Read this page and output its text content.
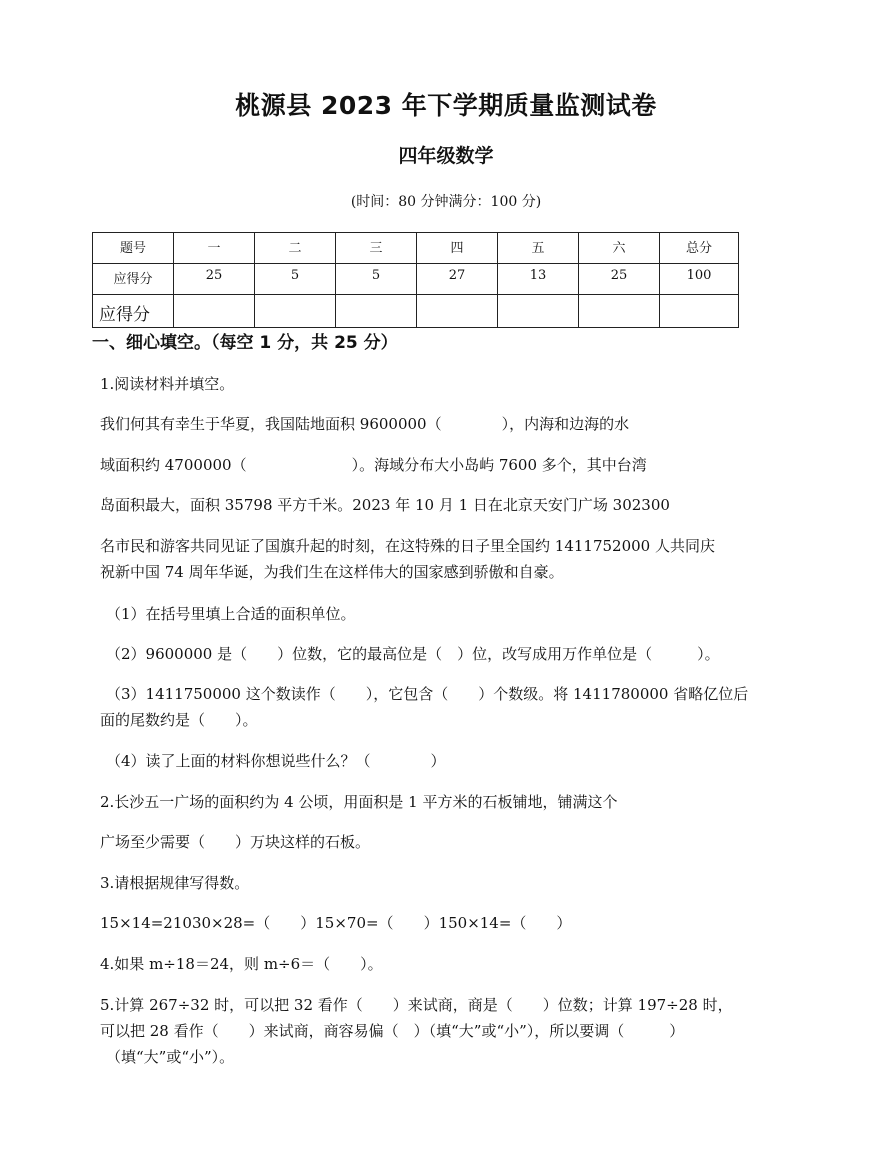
桃源县 2023 年下学期质量监测试卷
四年级数学
(时间：80 分钟满分：100 分)
题号	一	二	三	四	五	六	总分
应得分	25	5	5	27	13	25	100
应得分							
一、细心填空。（每空 1 分，共 25 分）
1.阅读材料并填空。
我们何其有幸生于华夏，我国陆地面积 9600000（　　　　），内海和边海的水
域面积约 4700000（　　　　　　　）。海域分布大小岛屿 7600 多个，其中台湾
岛面积最大，面积 35798 平方千米。2023 年 10 月 1 日在北京天安门广场 302300
名市民和游客共同见证了国旗升起的时刻，在这特殊的日子里全国约 1411752000 人共同庆
祝新中国 74 周年华诞，为我们生在这样伟大的国家感到骄傲和自豪。
（1）在括号里填上合适的面积单位。
（2）9600000 是（　　）位数，它的最高位是（　）位，改写成用万作单位是（　　　）。
（3）1411750000 这个数读作（　　），它包含（　　）个数级。将 1411780000 省略亿位后
面的尾数约是（　　）。
（4）读了上面的材料你想说些什么？（　　　　）
2.长沙五一广场的面积约为 4 公顷，用面积是 1 平方米的石板铺地，铺满这个
广场至少需要（　　）万块这样的石板。
3.请根据规律写得数。
15×14=21030×28=（　　）15×70=（　　）150×14=（　　）
4.如果 m÷18＝24，则 m÷6＝（　　）。
5.计算 267÷32 时，可以把 32 看作（　　）来试商，商是（　　）位数；计算 197÷28 时，
可以把 28 看作（　　）来试商，商容易偏（　）（填“大”或“小”），所以要调（　　　）
（填“大”或“小”）。
